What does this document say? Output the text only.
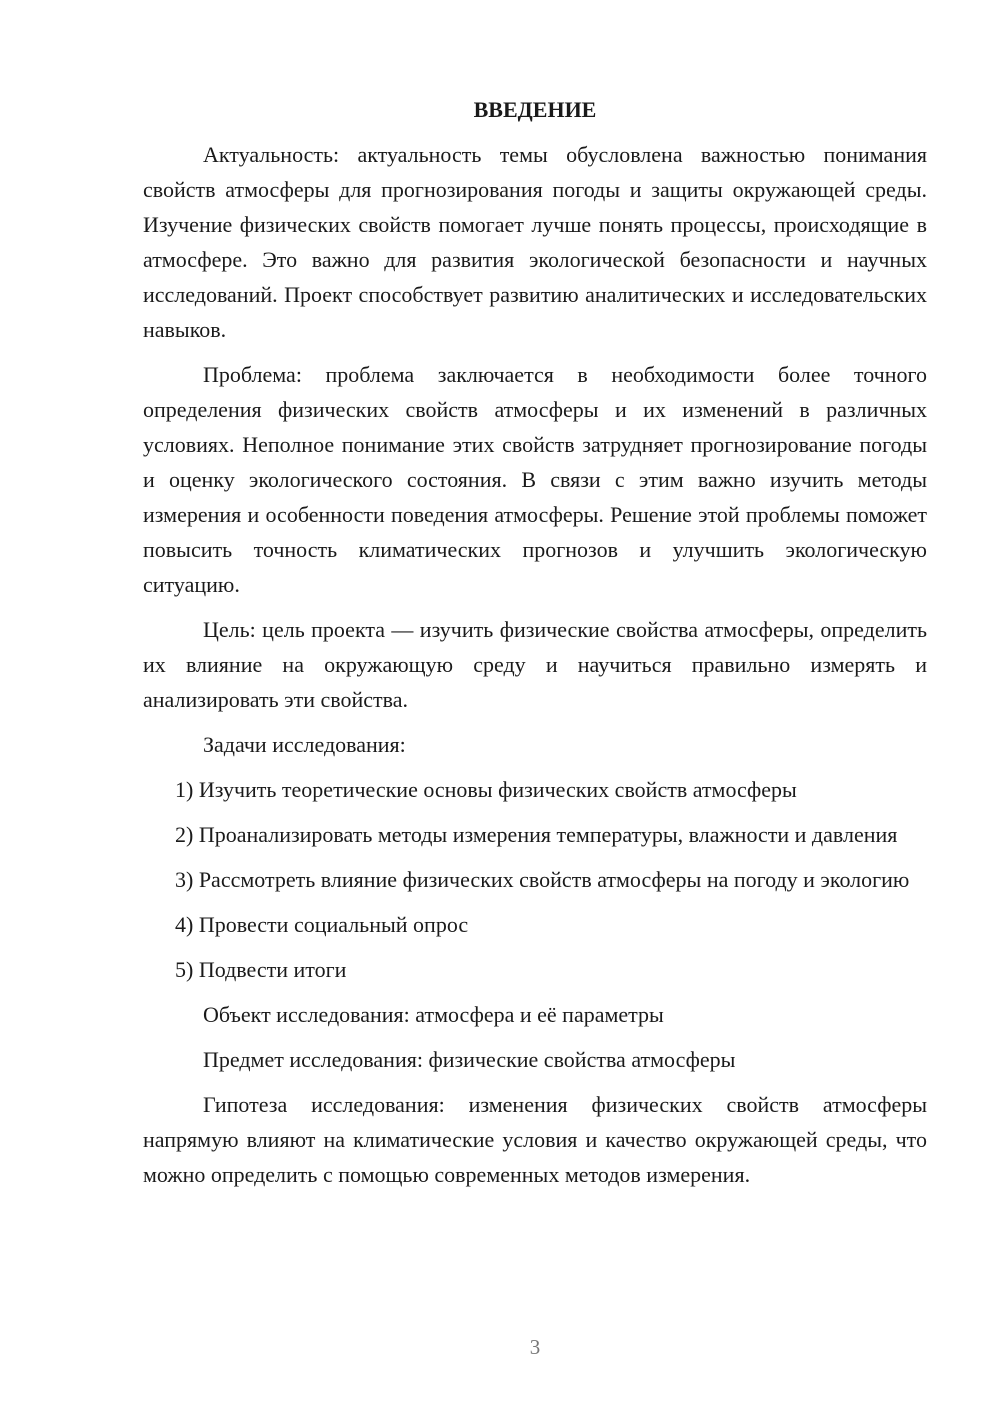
ВВЕДЕНИЕ

Актуальность: актуальность темы обусловлена важностью понимания свойств атмосферы для прогнозирования погоды и защиты окружающей среды. Изучение физических свойств помогает лучше понять процессы, происходящие в атмосфере. Это важно для развития экологической безопасности и научных исследований. Проект способствует развитию аналитических и исследовательских навыков.

Проблема: проблема заключается в необходимости более точного определения физических свойств атмосферы и их изменений в различных условиях. Неполное понимание этих свойств затрудняет прогнозирование погоды и оценку экологического состояния. В связи с этим важно изучить методы измерения и особенности поведения атмосферы. Решение этой проблемы поможет повысить точность климатических прогнозов и улучшить экологическую ситуацию.

Цель: цель проекта — изучить физические свойства атмосферы, определить их влияние на окружающую среду и научиться правильно измерять и анализировать эти свойства.

Задачи исследования:

1) Изучить теоретические основы физических свойств атмосферы

2) Проанализировать методы измерения температуры, влажности и давления

3) Рассмотреть влияние физических свойств атмосферы на погоду и экологию

4) Провести социальный опрос

5) Подвести итоги

Объект исследования: атмосфера и её параметры

Предмет исследования: физические свойства атмосферы

Гипотеза исследования: изменения физических свойств атмосферы напрямую влияют на климатические условия и качество окружающей среды, что можно определить с помощью современных методов измерения.

3
